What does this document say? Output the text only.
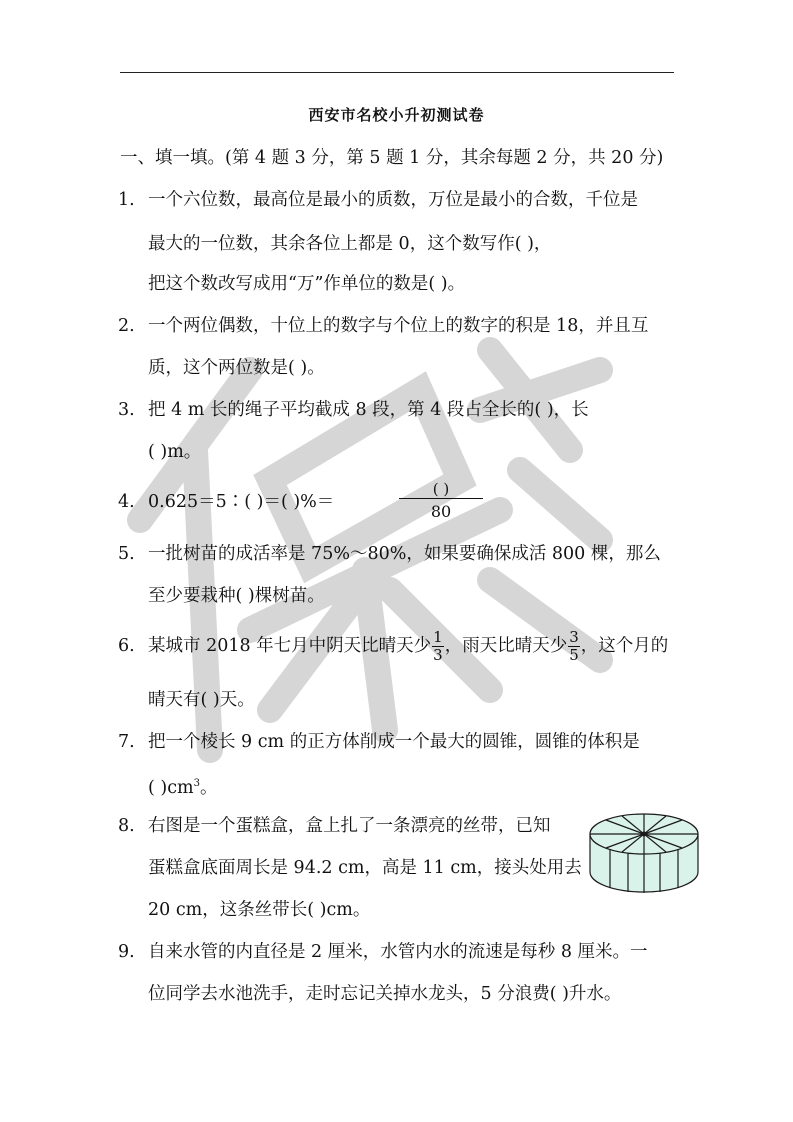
西安市名校小升初测试卷
一、填一填。(第 4 题 3 分，第 5 题 1 分，其余每题 2 分，共 20 分)
1. 一个六位数，最高位是最小的质数，万位是最小的合数，千位是
最大的一位数，其余各位上都是 0，这个数写作( )，
把这个数改写成用“万”作单位的数是( )。
2. 一个两位偶数，十位上的数字与个位上的数字的积是 18，并且互
质，这个两位数是( )。
3. 把 4 m 长的绳子平均截成 8 段，第 4 段占全长的( )，长
( )m。
4. 0.625＝5∶( )＝( )%＝
( )
80
5. 一批树苗的成活率是 75%～80%，如果要确保成活 800 棵，那么
至少要栽种( )棵树苗。
6. 某城市 2018 年七月中阴天比晴天少 $\frac{1}{3}$ ，雨天比晴天少 $\frac{3}{5}$ ，这个月的
晴天有( )天。
7. 把一个棱长 9 cm 的正方体削成一个最大的圆锥，圆锥的体积是
( )$cm^3$。
8. 右图是一个蛋糕盒，盒上扎了一条漂亮的丝带，已知
蛋糕盒底面周长是 94.2 cm，高是 11 cm，接头处用去
20 cm，这条丝带长( )cm。
9. 自来水管的内直径是 2 厘米，水管内水的流速是每秒 8 厘米。一
位同学去水池洗手，走时忘记关掉水龙头，5 分浪费( )升水。
